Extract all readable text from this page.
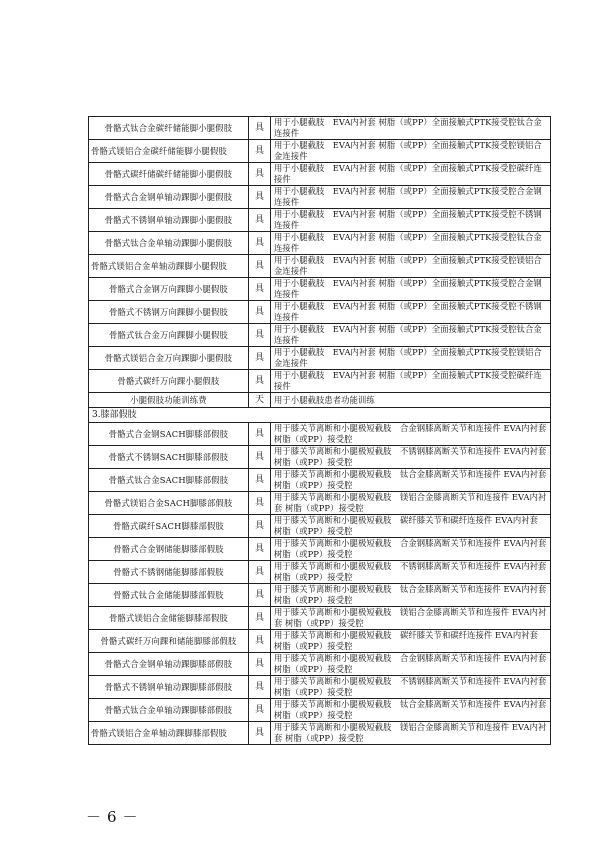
骨骼式钛合金碳纤储能脚小腿假肢	具	用于小腿截肢　EVA内衬套 树脂（或PP）全面接触式PTK接受腔钛合金连接件
骨骼式镁铝合金碳纤储能脚小腿假肢	具	用于小腿截肢　EVA内衬套 树脂（或PP）全面接触式PTK接受腔镁铝合金连接件
骨骼式碳纤储碳纤储能脚小腿假肢	具	用于小腿截肢　EVA内衬套 树脂（或PP）全面接触式PTK接受腔碳纤连接件
骨骼式合金钢单轴动踝脚小腿假肢	具	用于小腿截肢　EVA内衬套 树脂（或PP）全面接触式PTK接受腔合金钢连接件
骨骼式不锈钢单轴动踝脚小腿假肢	具	用于小腿截肢　EVA内衬套 树脂（或PP）全面接触式PTK接受腔不锈钢连接件
骨骼式钛合金单轴动踝脚小腿假肢	具	用于小腿截肢　EVA内衬套 树脂（或PP）全面接触式PTK接受腔钛合金连接件
骨骼式镁铝合金单轴动踝脚小腿假肢	具	用于小腿截肢　EVA内衬套 树脂（或PP）全面接触式PTK接受腔镁铝合金连接件
骨骼式合金钢万向踝脚小腿假肢	具	用于小腿截肢　EVA内衬套 树脂（或PP）全面接触式PTK接受腔合金钢连接件
骨骼式不锈钢万向踝脚小腿假肢	具	用于小腿截肢　EVA内衬套 树脂（或PP）全面接触式PTK接受腔不锈钢连接件
骨骼式钛合金万向踝脚小腿假肢	具	用于小腿截肢　EVA内衬套 树脂（或PP）全面接触式PTK接受腔钛合金连接件
骨骼式镁铝合金万向踝脚小腿假肢	具	用于小腿截肢　EVA内衬套 树脂（或PP）全面接触式PTK接受腔镁铝合金连接件
骨骼式碳纤万向踝小腿假肢	具	用于小腿截肢　EVA内衬套 树脂（或PP）全面接触式PTK接受腔碳纤连接件
小腿假肢功能训练费	天	用于小腿截肢患者功能训练
3.膝部假肢		
骨骼式合金钢SACH脚膝部假肢	具	用于膝关节离断和小腿极短截肢　合金钢膝离断关节和连接件 EVA内衬套 树脂（或PP）接受腔
骨骼式不锈钢SACH脚膝部假肢	具	用于膝关节离断和小腿极短截肢　不锈钢膝离断关节和连接件 EVA内衬套 树脂（或PP）接受腔
骨骼式钛合金SACH脚膝部假肢	具	用于膝关节离断和小腿极短截肢　钛合金膝离断关节和连接件 EVA内衬套 树脂（或PP）接受腔
骨骼式镁铝合金SACH脚膝部假肢	具	用于膝关节离断和小腿极短截肢　镁铝合金膝离断关节和连接件 EVA内衬套 树脂（或PP）接受腔
骨骼式碳纤SACH脚膝部假肢	具	用于膝关节离断和小腿极短截肢　碳纤膝关节和碳纤连接件 EVA内衬套 树脂（或PP）接受腔
骨骼式合金钢储能脚膝部假肢	具	用于膝关节离断和小腿极短截肢　合金钢膝离断关节和连接件 EVA内衬套 树脂（或PP）接受腔
骨骼式不锈钢储能脚膝部假肢	具	用于膝关节离断和小腿极短截肢　不锈钢膝离断关节和连接件 EVA内衬套 树脂（或PP）接受腔
骨骼式钛合金储能脚膝部假肢	具	用于膝关节离断和小腿极短截肢　钛合金膝离断关节和连接件 EVA内衬套 树脂（或PP）接受腔
骨骼式镁铝合金储能脚膝部假肢	具	用于膝关节离断和小腿极短截肢　镁铝合金膝离断关节和连接件 EVA内衬套 树脂（或PP）接受腔
骨骼式碳纤万向踝和储能脚膝部假肢	具	用于膝关节离断和小腿极短截肢　碳纤膝关节和碳纤连接件 EVA内衬套 树脂（或PP）接受腔
骨骼式合金钢单轴动踝脚膝部假肢	具	用于膝关节离断和小腿极短截肢　合金钢膝离断关节和连接件 EVA内衬套 树脂（或PP）接受腔
骨骼式不锈钢单轴动踝脚膝部假肢	具	用于膝关节离断和小腿极短截肢　不锈钢膝离断关节和连接件 EVA内衬套 树脂（或PP）接受腔
骨骼式钛合金单轴动踝脚膝部假肢	具	用于膝关节离断和小腿极短截肢　钛合金膝离断关节和连接件 EVA内衬套 树脂（或PP）接受腔
骨骼式镁铝合金单轴动踝脚膝部假肢	具	用于膝关节离断和小腿极短截肢　镁铝合金膝离断关节和连接件 EVA内衬套 树脂（或PP）接受腔
－6－
